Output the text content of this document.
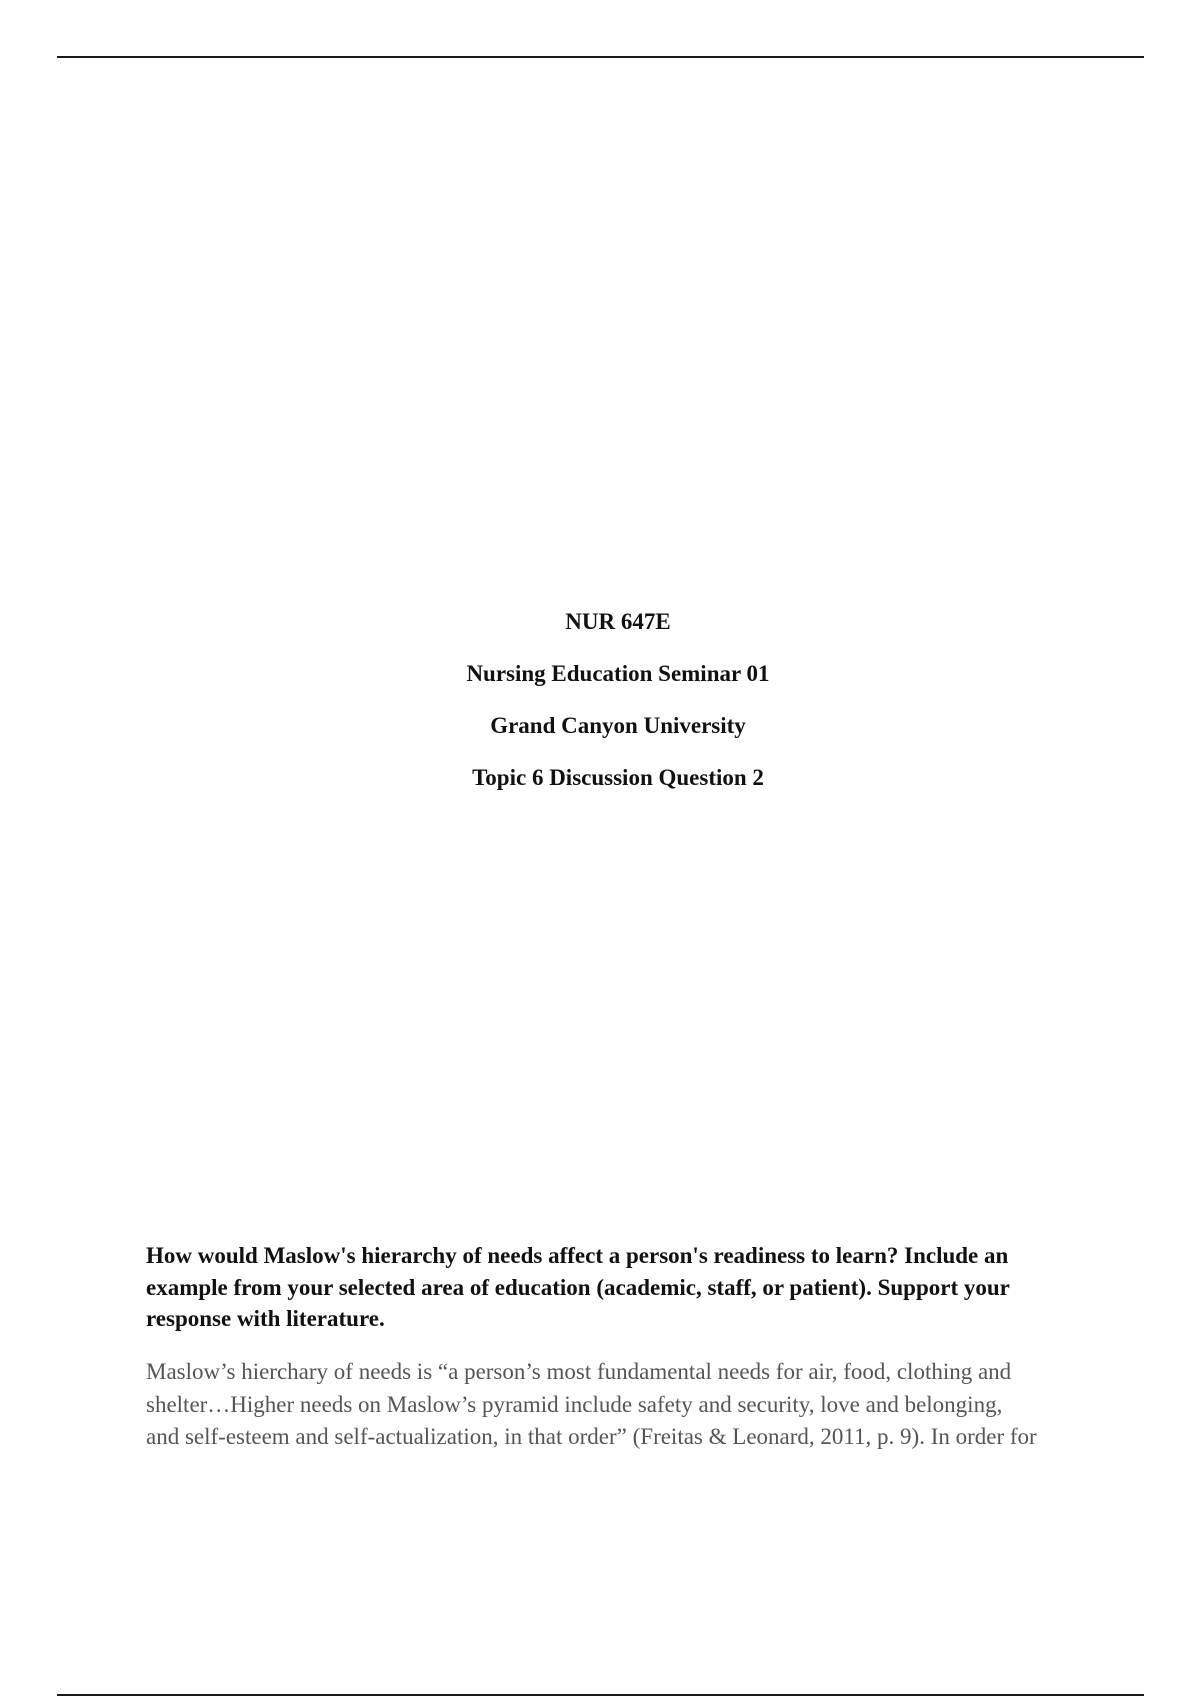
NUR 647E

Nursing Education Seminar 01

Grand Canyon University

Topic 6 Discussion Question 2

How would Maslow's hierarchy of needs affect a person's readiness to learn? Include an example from your selected area of education (academic, staff, or patient). Support your response with literature.

Maslow’s hierchary of needs is “a person’s most fundamental needs for air, food, clothing and
shelter…Higher needs on Maslow’s pyramid include safety and security, love and belonging,
and self-esteem and self-actualization, in that order” (Freitas & Leonard, 2011, p. 9). In order for
